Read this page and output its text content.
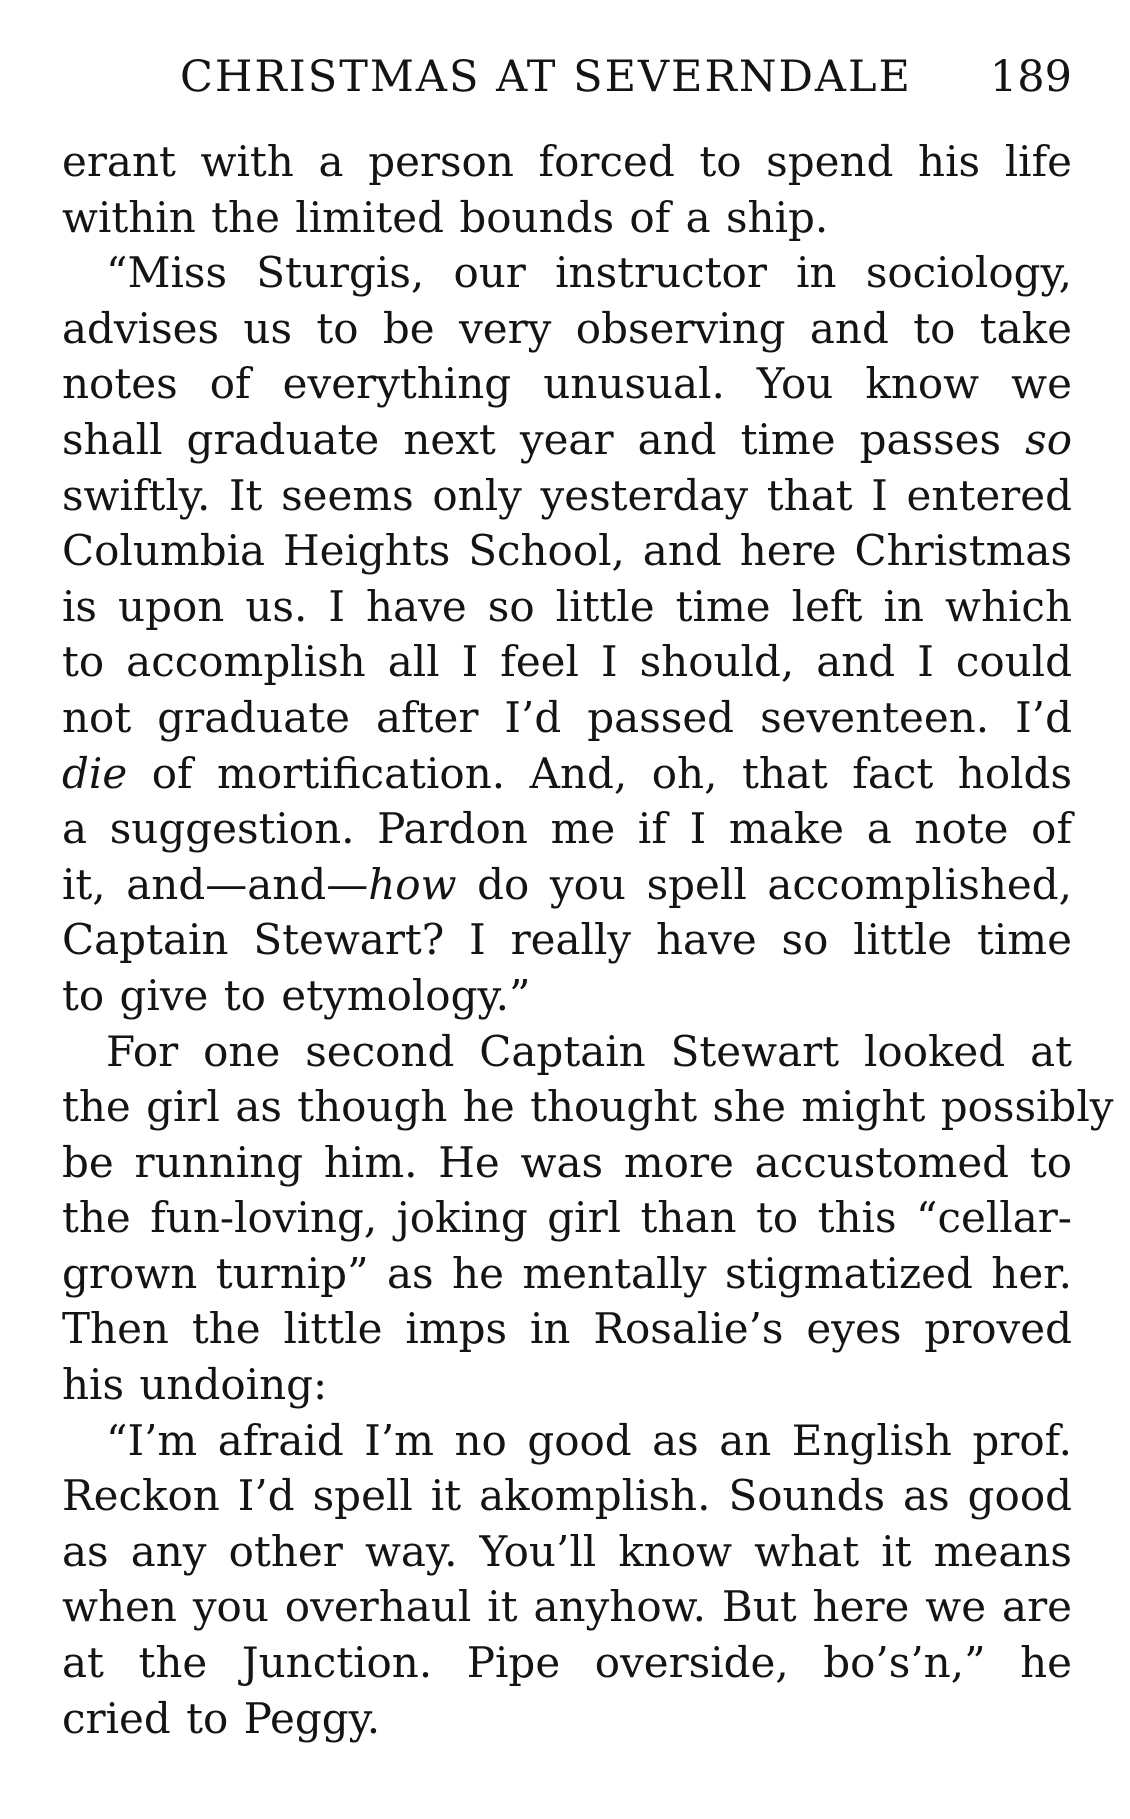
CHRISTMAS AT SEVERNDALE 189
erant with a person forced to spend his life
within the limited bounds of a ship.
“Miss Sturgis, our instructor in sociology,
advises us to be very observing and to take
notes of everything unusual. You know we
shall graduate next year and time passes so
swiftly. It seems only yesterday that I entered
Columbia Heights School, and here Christmas
is upon us. I have so little time left in which
to accomplish all I feel I should, and I could
not graduate after I’d passed seventeen. I’d
die of mortification. And, oh, that fact holds
a suggestion. Pardon me if I make a note of
it, and—and—how do you spell accomplished,
Captain Stewart? I really have so little time
to give to etymology.”
For one second Captain Stewart looked at
the girl as though he thought she might possibly
be running him. He was more accustomed to
the fun-loving, joking girl than to this “cellar-
grown turnip” as he mentally stigmatized her.
Then the little imps in Rosalie’s eyes proved
his undoing:
“I’m afraid I’m no good as an English prof.
Reckon I’d spell it akomplish. Sounds as good
as any other way. You’ll know what it means
when you overhaul it anyhow. But here we are
at the Junction. Pipe overside, bo’s’n,” he
cried to Peggy.
